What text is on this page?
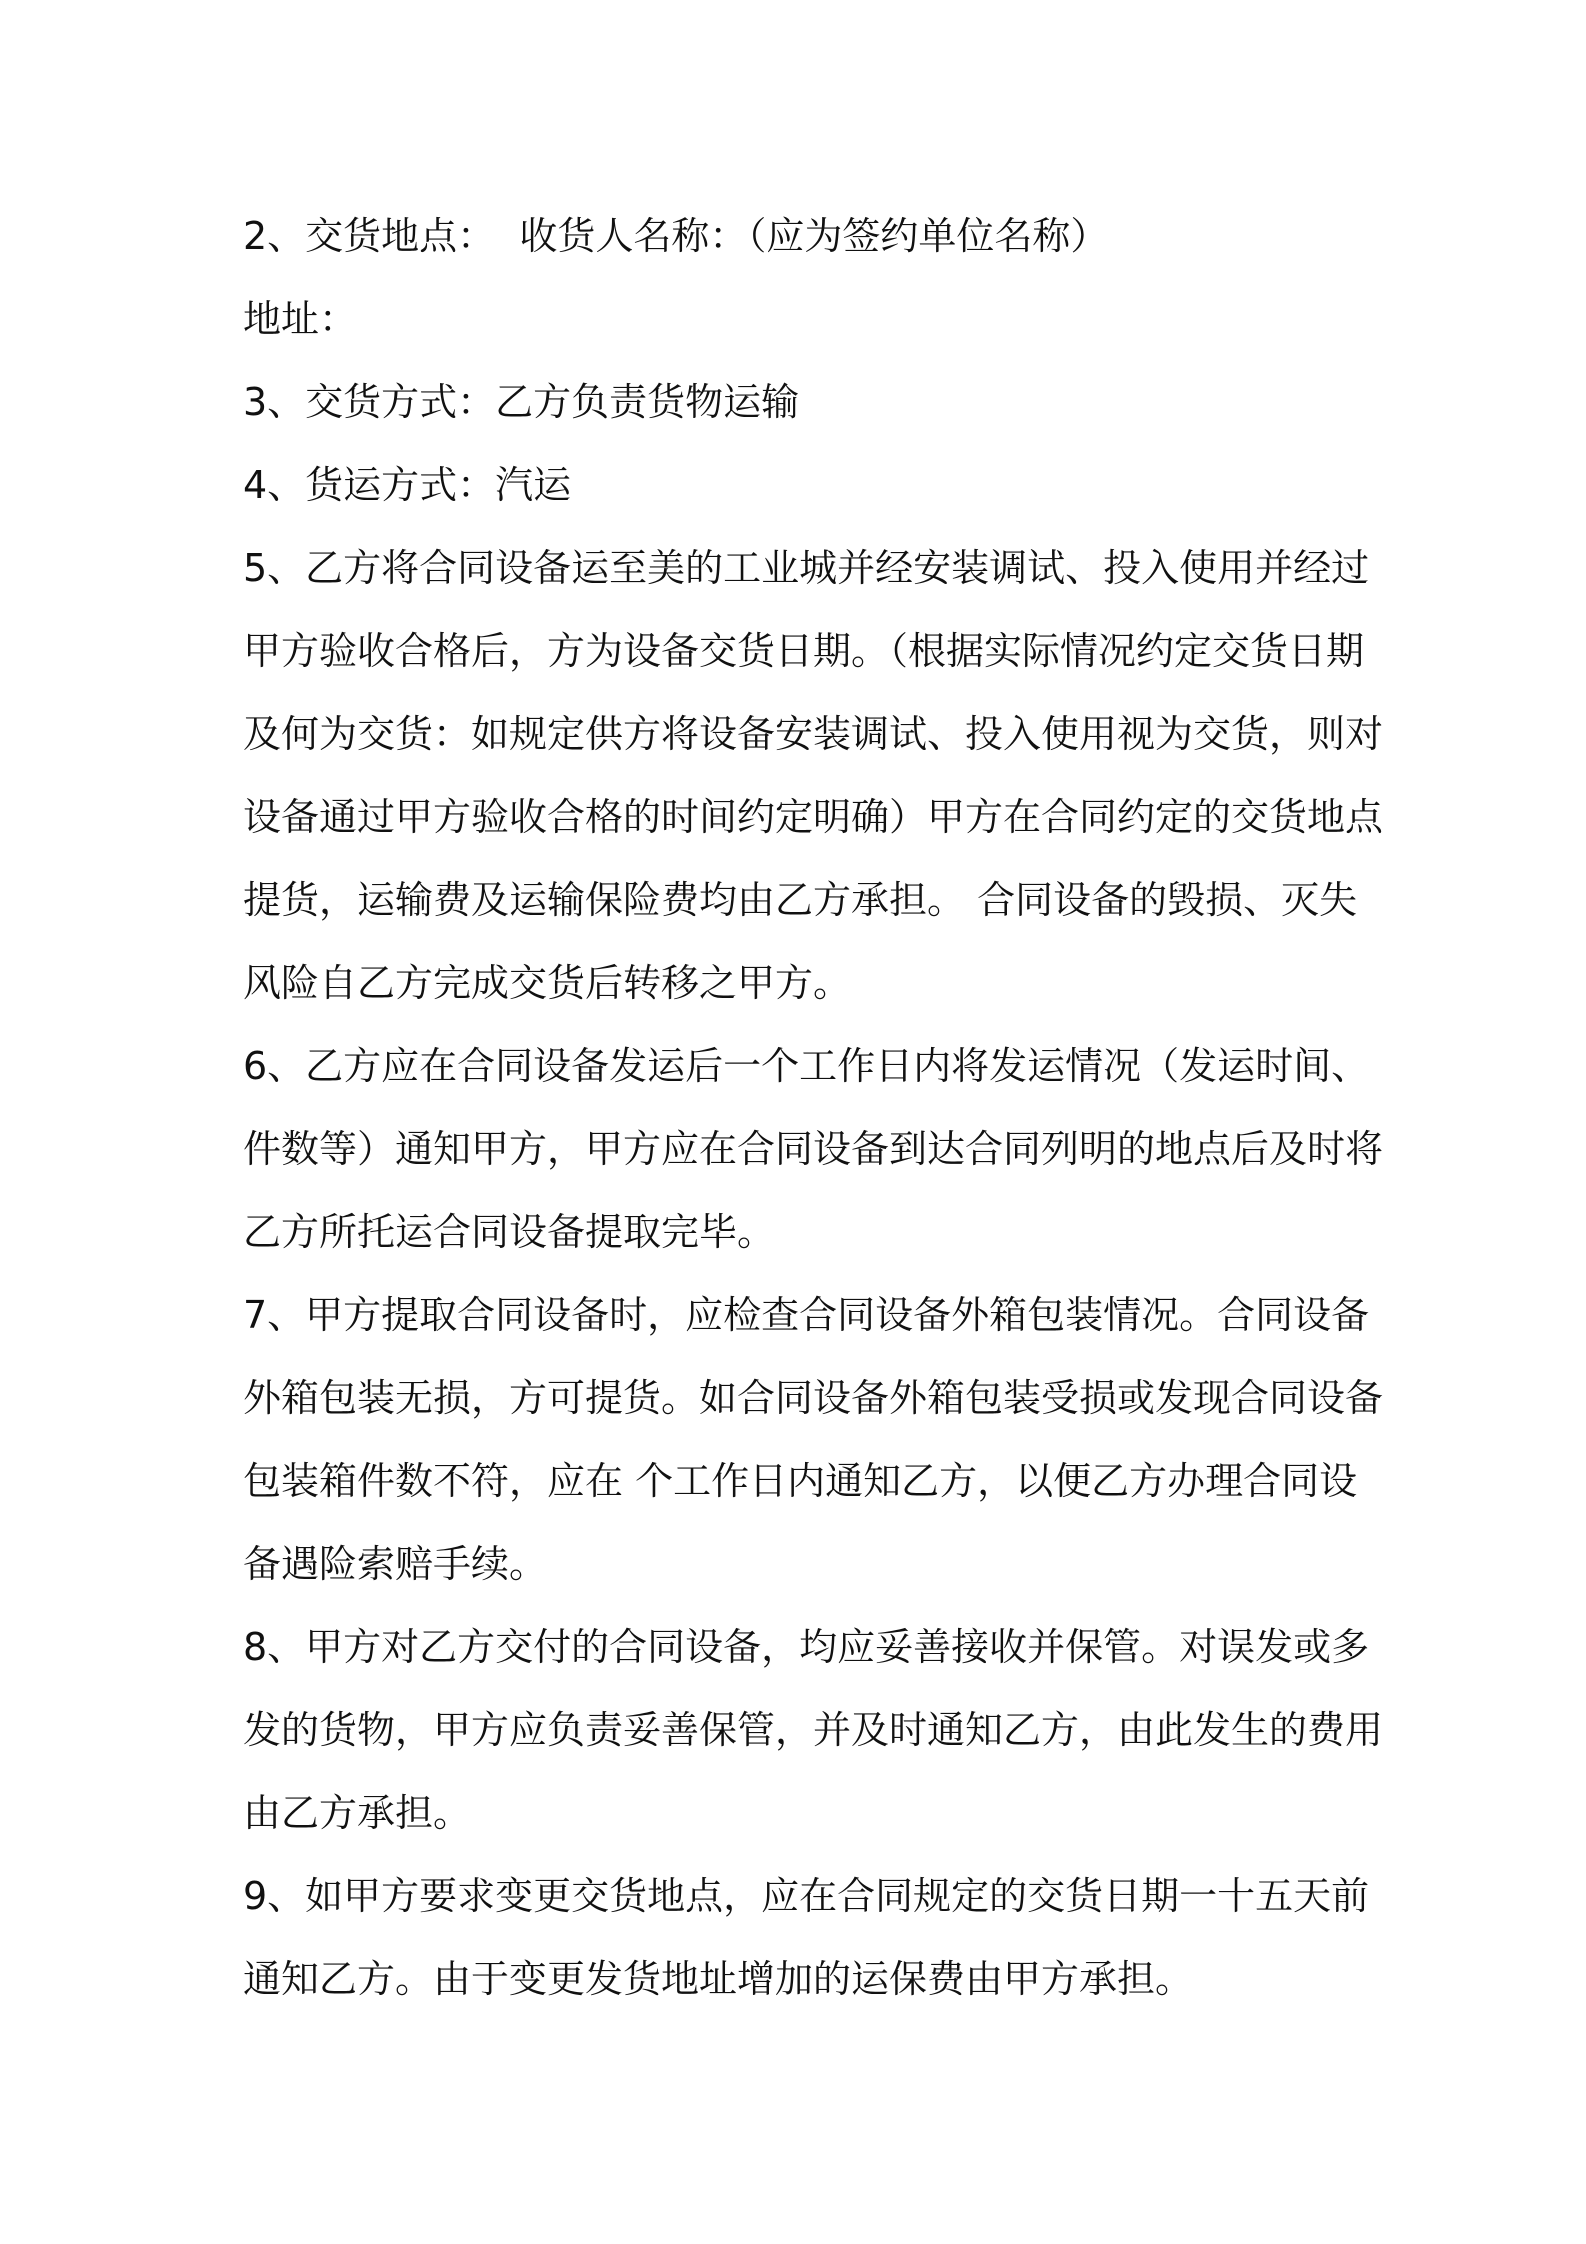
2、交货地点：  收货人名称：（应为签约单位名称）

地址：

3、交货方式：乙方负责货物运输

4、货运方式：汽运

5、乙方将合同设备运至美的工业城并经安装调试、投入使用并经过

甲方验收合格后，方为设备交货日期。（根据实际情况约定交货日期

及何为交货：如规定供方将设备安装调试、投入使用视为交货，则对

设备通过甲方验收合格的时间约定明确）甲方在合同约定的交货地点

提货，运输费及运输保险费均由乙方承担。 合同设备的毁损、灭失

风险自乙方完成交货后转移之甲方。

6、乙方应在合同设备发运后一个工作日内将发运情况（发运时间、

件数等）通知甲方，甲方应在合同设备到达合同列明的地点后及时将

乙方所托运合同设备提取完毕。

7、甲方提取合同设备时，应检查合同设备外箱包装情况。合同设备

外箱包装无损，方可提货。如合同设备外箱包装受损或发现合同设备

包装箱件数不符，应在 个工作日内通知乙方，以便乙方办理合同设

备遇险索赔手续。

8、甲方对乙方交付的合同设备，均应妥善接收并保管。对误发或多

发的货物，甲方应负责妥善保管，并及时通知乙方，由此发生的费用

由乙方承担。

9、如甲方要求变更交货地点，应在合同规定的交货日期一十五天前

通知乙方。由于变更发货地址增加的运保费由甲方承担。
